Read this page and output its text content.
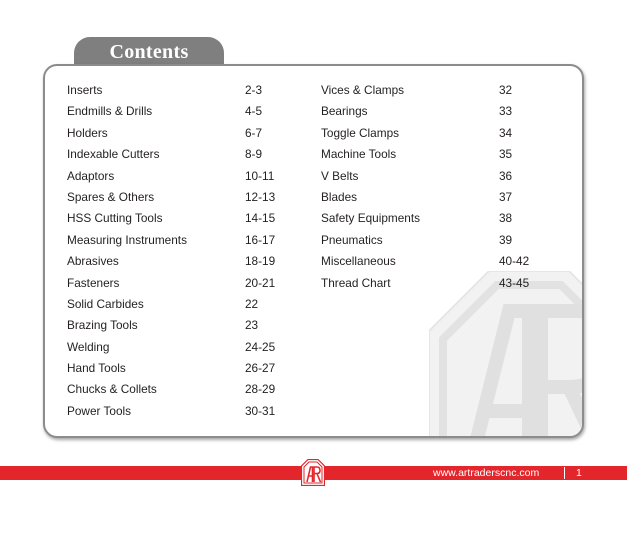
Contents
Inserts	2-3
Endmills & Drills	4-5
Holders	6-7
Indexable Cutters	8-9
Adaptors	10-11
Spares & Others	12-13
HSS Cutting Tools	14-15
Measuring Instruments	16-17
Abrasives	18-19
Fasteners	20-21
Solid Carbides	22
Brazing Tools	23
Welding	24-25
Hand Tools	26-27
Chucks & Collets	28-29
Power Tools	30-31
Vices & Clamps	32
Bearings	33
Toggle Clamps	34
Machine Tools	35
V Belts	36
Blades	37
Safety Equipments	38
Pneumatics	39
Miscellaneous	40-42
Thread Chart	43-45
www.artraderscnc.com	1
